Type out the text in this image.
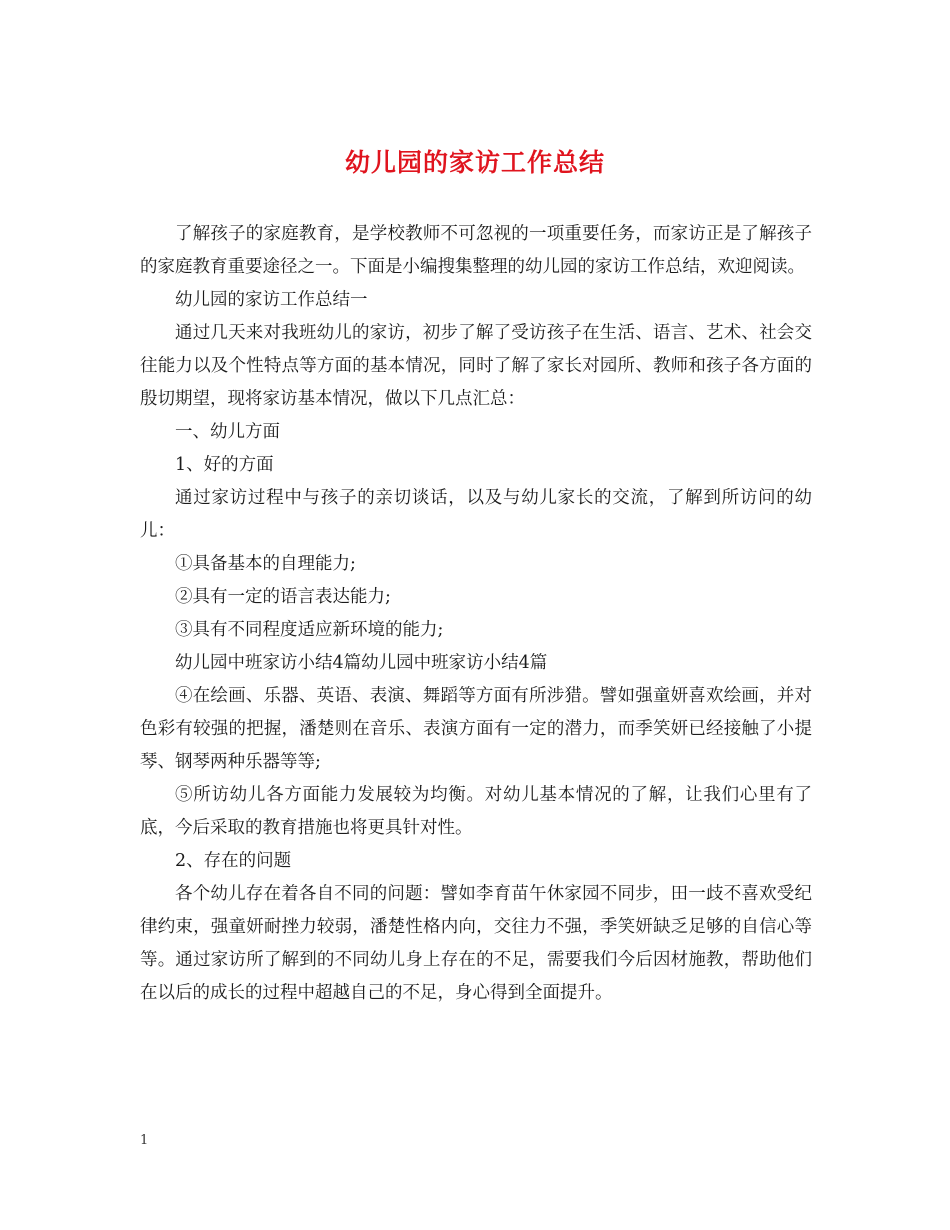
幼儿园的家访工作总结

了解孩子的家庭教育，是学校教师不可忽视的一项重要任务，而家访正是了解孩子的家庭教育重要途径之一。下面是小编搜集整理的幼儿园的家访工作总结，欢迎阅读。

幼儿园的家访工作总结一

通过几天来对我班幼儿的家访，初步了解了受访孩子在生活、语言、艺术、社会交往能力以及个性特点等方面的基本情况，同时了解了家长对园所、教师和孩子各方面的殷切期望，现将家访基本情况，做以下几点汇总：

一、幼儿方面

1、好的方面

通过家访过程中与孩子的亲切谈话，以及与幼儿家长的交流，了解到所访问的幼儿：

①具备基本的自理能力;

②具有一定的语言表达能力;

③具有不同程度适应新环境的能力;

幼儿园中班家访小结4篇幼儿园中班家访小结4篇

④在绘画、乐器、英语、表演、舞蹈等方面有所涉猎。譬如强童妍喜欢绘画，并对色彩有较强的把握，潘楚则在音乐、表演方面有一定的潜力，而季笑妍已经接触了小提琴、钢琴两种乐器等等;

⑤所访幼儿各方面能力发展较为均衡。对幼儿基本情况的了解，让我们心里有了底，今后采取的教育措施也将更具针对性。

2、存在的问题

各个幼儿存在着各自不同的问题：譬如李育苗午休家园不同步，田一歧不喜欢受纪律约束，强童妍耐挫力较弱，潘楚性格内向，交往力不强，季笑妍缺乏足够的自信心等等。通过家访所了解到的不同幼儿身上存在的不足，需要我们今后因材施教，帮助他们在以后的成长的过程中超越自己的不足，身心得到全面提升。

1
